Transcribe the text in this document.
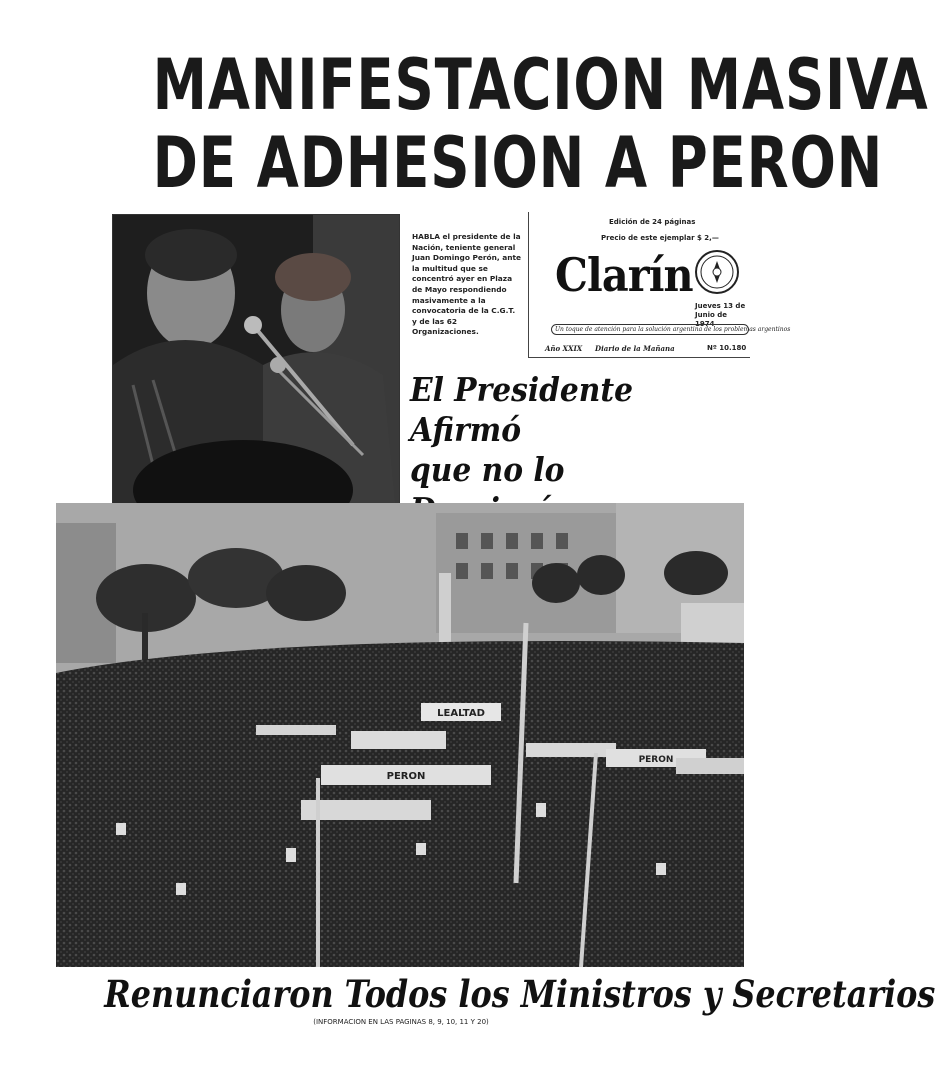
MANIFESTACION MASIVA
DE ADHESION A PERON
HABLA el presidente de la Nación, teniente general Juan Domingo Perón, ante la multitud que se concentró ayer en Plaza de Mayo respondiendo masivamente a la convocatoria de la C.G.T. y de las 62 Organizaciones.
Edición de 24 páginas
Precio de este ejemplar $ 2,—
Clarín
Jueves 13 de Junio de 1974
Un toque de atención para la solución argentina de los problemas argentinos
Año XXIX Diario de la Mañana	Nº 10.180
El Presidente Afirmó
que no lo
LEALTAD
PERON
PERON
Renunciaron Todos los Ministros y Secretarios
(INFORMACION EN LAS PAGINAS 8, 9, 10, 11 Y 20)
